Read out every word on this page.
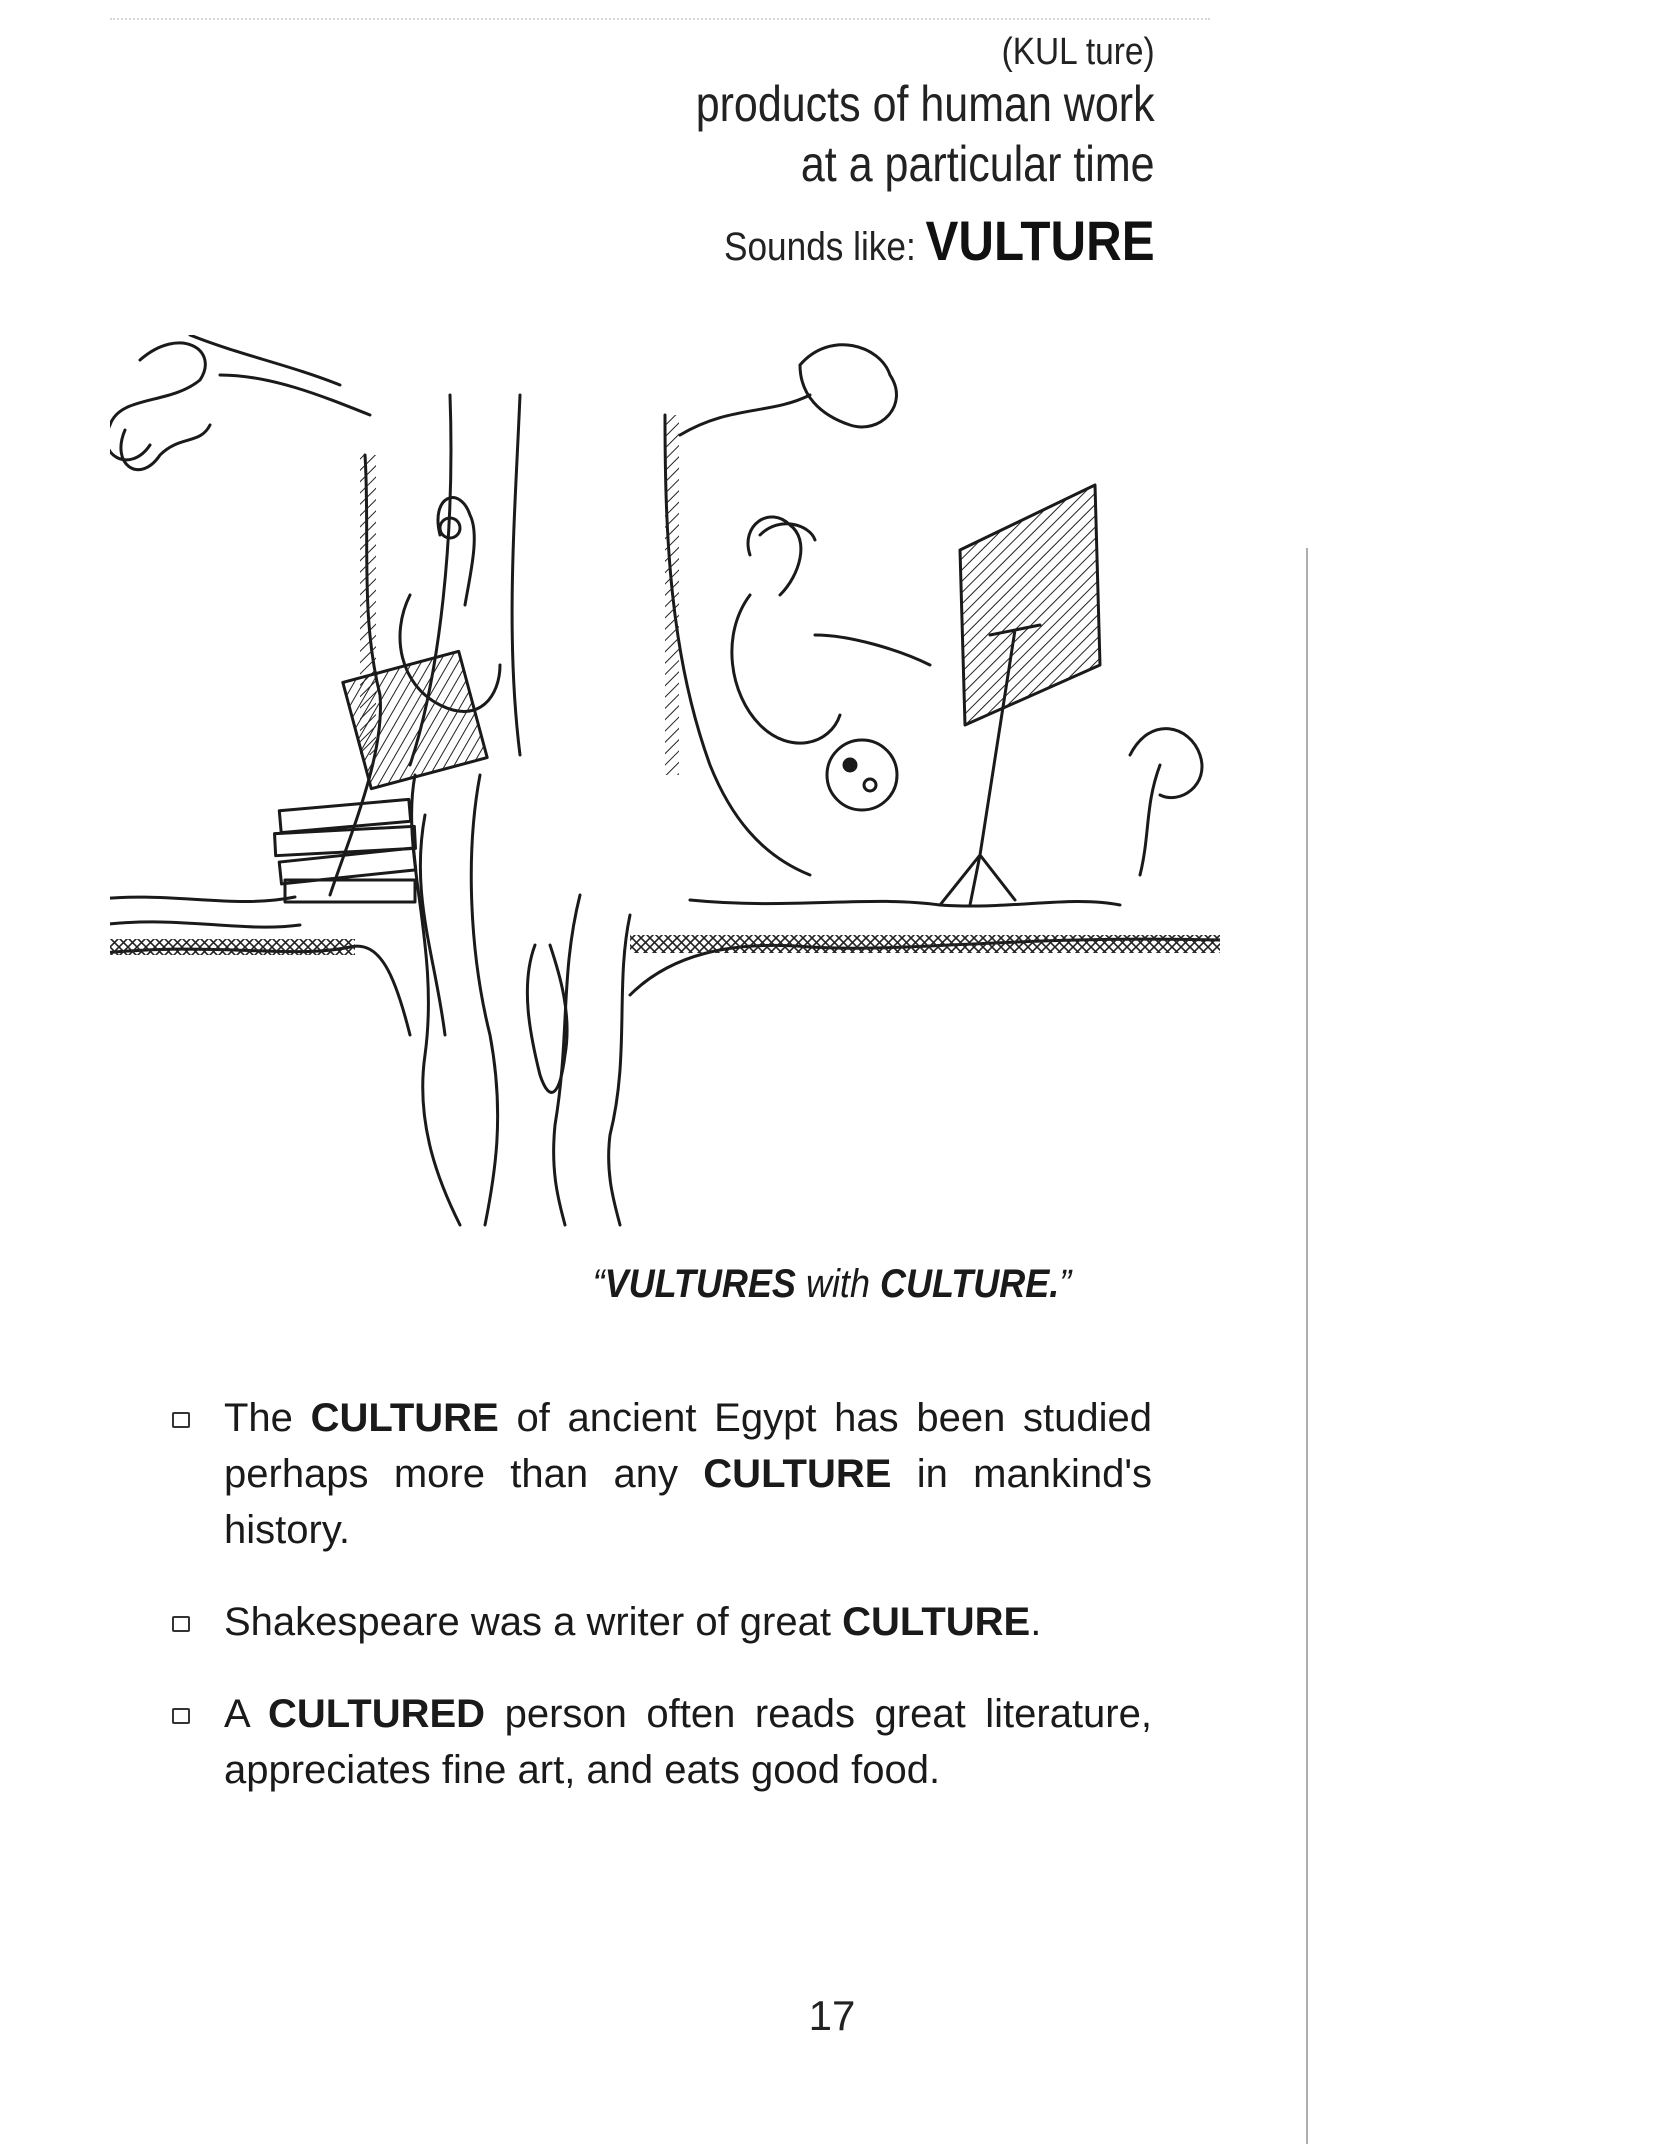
(KUL ture)
products of human work
at a particular time
Sounds like: VULTURE
“VULTURES with CULTURE.”
The CULTURE of ancient Egypt has been studied perhaps more than any CULTURE in mankind's history.
Shakespeare was a writer of great CULTURE.
A CULTURED person often reads great literature, appreciates fine art, and eats good food.
17
